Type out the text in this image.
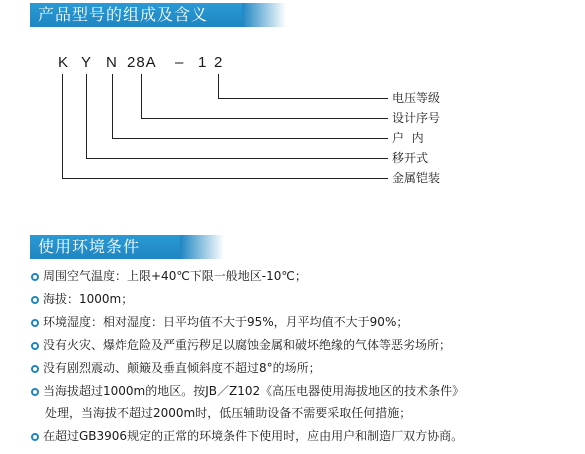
产品型号的组成及含义
K Y N 28A – 1 2
电压等级
设计序号
户  内
移开式
金属铠装
使用环境条件
周围空气温度：上限+40℃下限一般地区-10℃；
海拔：1000m；
环境湿度：相对湿度：日平均值不大于95%，月平均值不大于90%；
没有火灾、爆炸危险及严重污秽足以腐蚀金属和破坏绝缘的气体等恶劣场所；
没有剧烈震动、颠簸及垂直倾斜度不超过8°的场所；
当海拔超过1000m的地区。按JB／Z102《高压电器使用海拔地区的技术条件》
处理，当海拔不超过2000m时，低压辅助设备不需要采取任何措施；
在超过GB3906规定的正常的环境条件下使用时，应由用户和制造厂双方协商。
